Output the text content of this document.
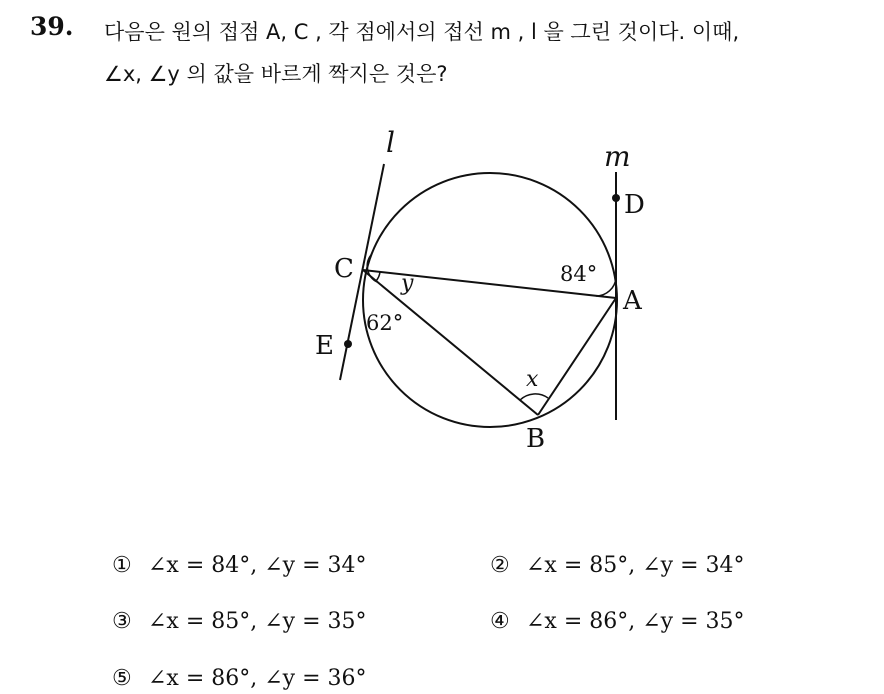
39. 다음은 원의 접점 A, C , 각 점에서의 접선 m , l 을 그린 것이다. 이때,
∠x, ∠y 의 값을 바르게 짝지은 것은?
l	m
D
A
C
E
B
84°
62°
y
x
① ∠x = 84°, ∠y = 34°	② ∠x = 85°, ∠y = 34°
③ ∠x = 85°, ∠y = 35°	④ ∠x = 86°, ∠y = 35°
⑤ ∠x = 86°, ∠y = 36°
